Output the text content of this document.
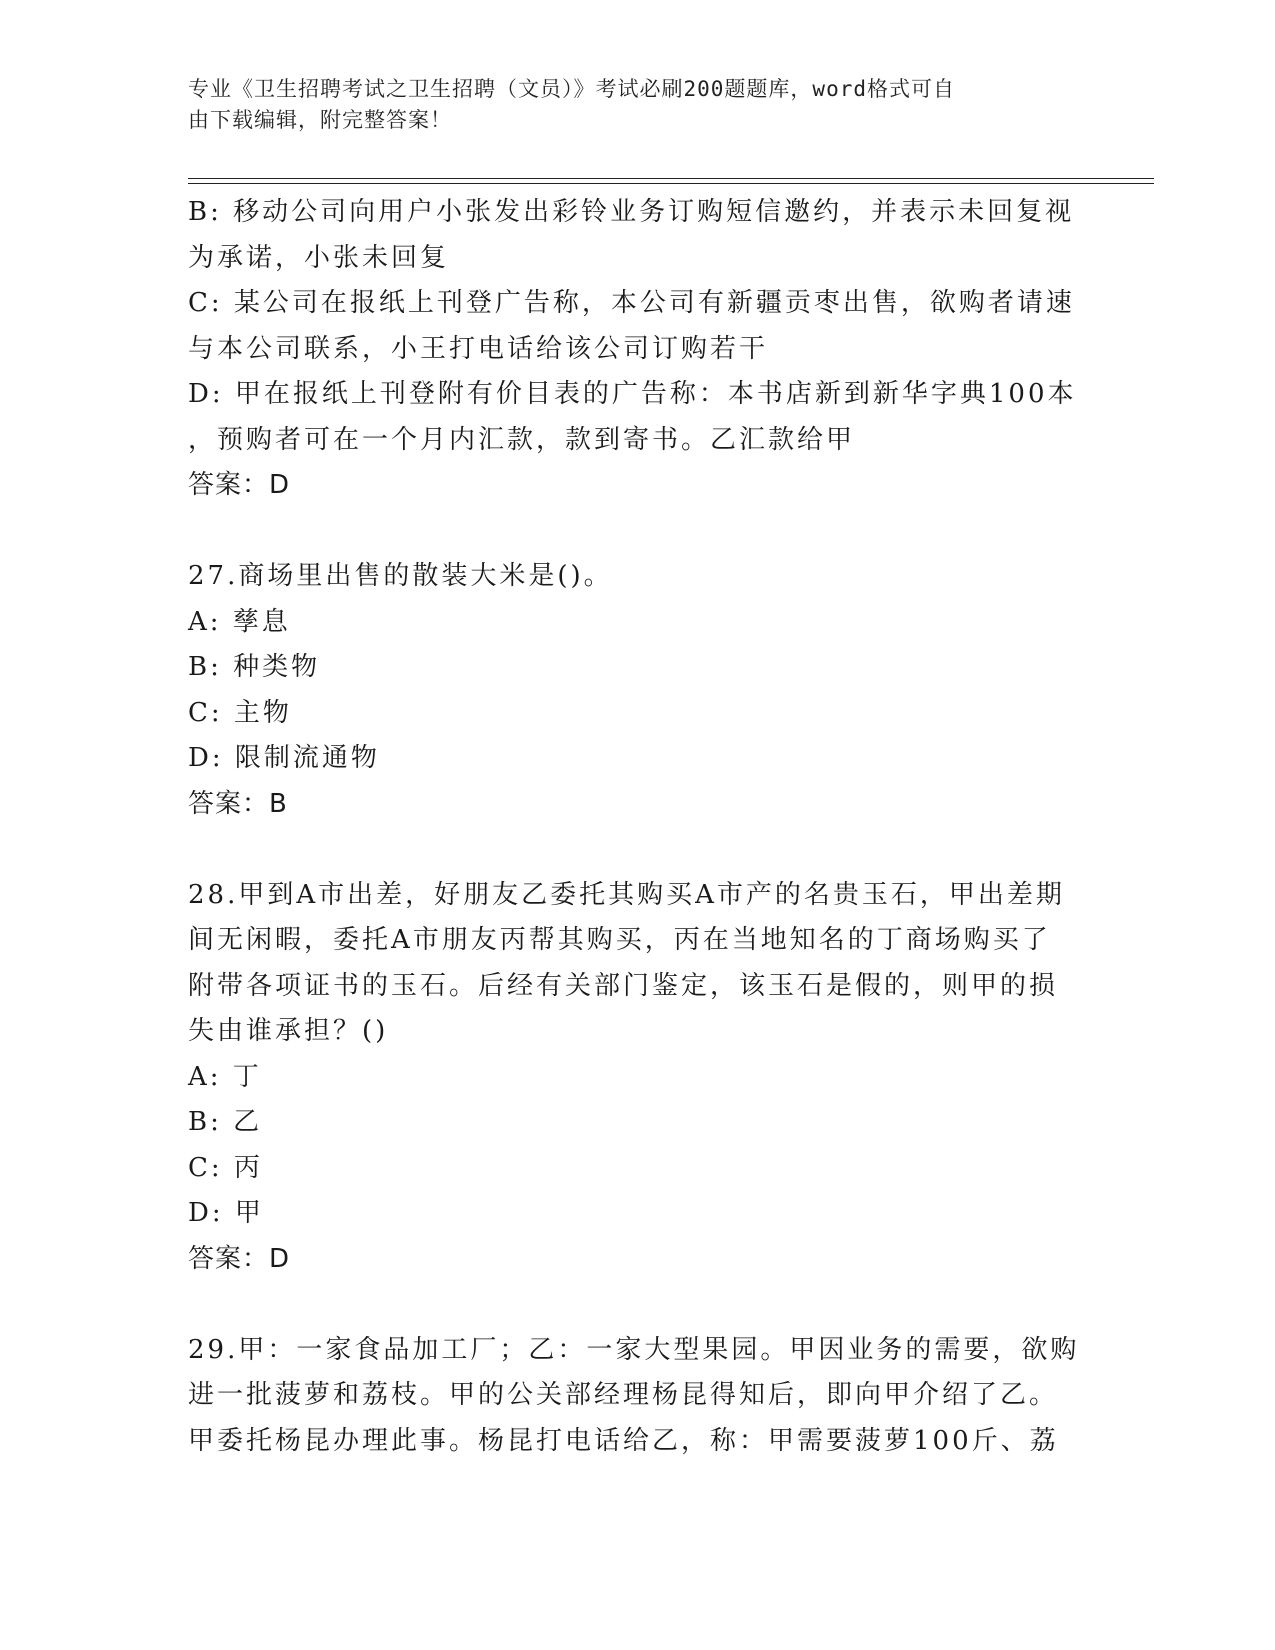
专业《卫生招聘考试之卫生招聘（文员）》考试必刷200题题库，word格式可自
由下载编辑，附完整答案！
B: 移动公司向用户小张发出彩铃业务订购短信邀约，并表示未回复视
为承诺，小张未回复
C: 某公司在报纸上刊登广告称，本公司有新疆贡枣出售，欲购者请速
与本公司联系，小王打电话给该公司订购若干
D: 甲在报纸上刊登附有价目表的广告称：本书店新到新华字典100本
，预购者可在一个月内汇款，款到寄书。乙汇款给甲
答案：D
27.商场里出售的散装大米是()。
A: 孳息
B: 种类物
C: 主物
D: 限制流通物
答案：B
28.甲到A市出差，好朋友乙委托其购买A市产的名贵玉石，甲出差期
间无闲暇，委托A市朋友丙帮其购买，丙在当地知名的丁商场购买了
附带各项证书的玉石。后经有关部门鉴定，该玉石是假的，则甲的损
失由谁承担？()
A: 丁
B: 乙
C: 丙
D: 甲
答案：D
29.甲：一家食品加工厂；乙：一家大型果园。甲因业务的需要，欲购
进一批菠萝和荔枝。甲的公关部经理杨昆得知后，即向甲介绍了乙。
甲委托杨昆办理此事。杨昆打电话给乙，称：甲需要菠萝100斤、荔
